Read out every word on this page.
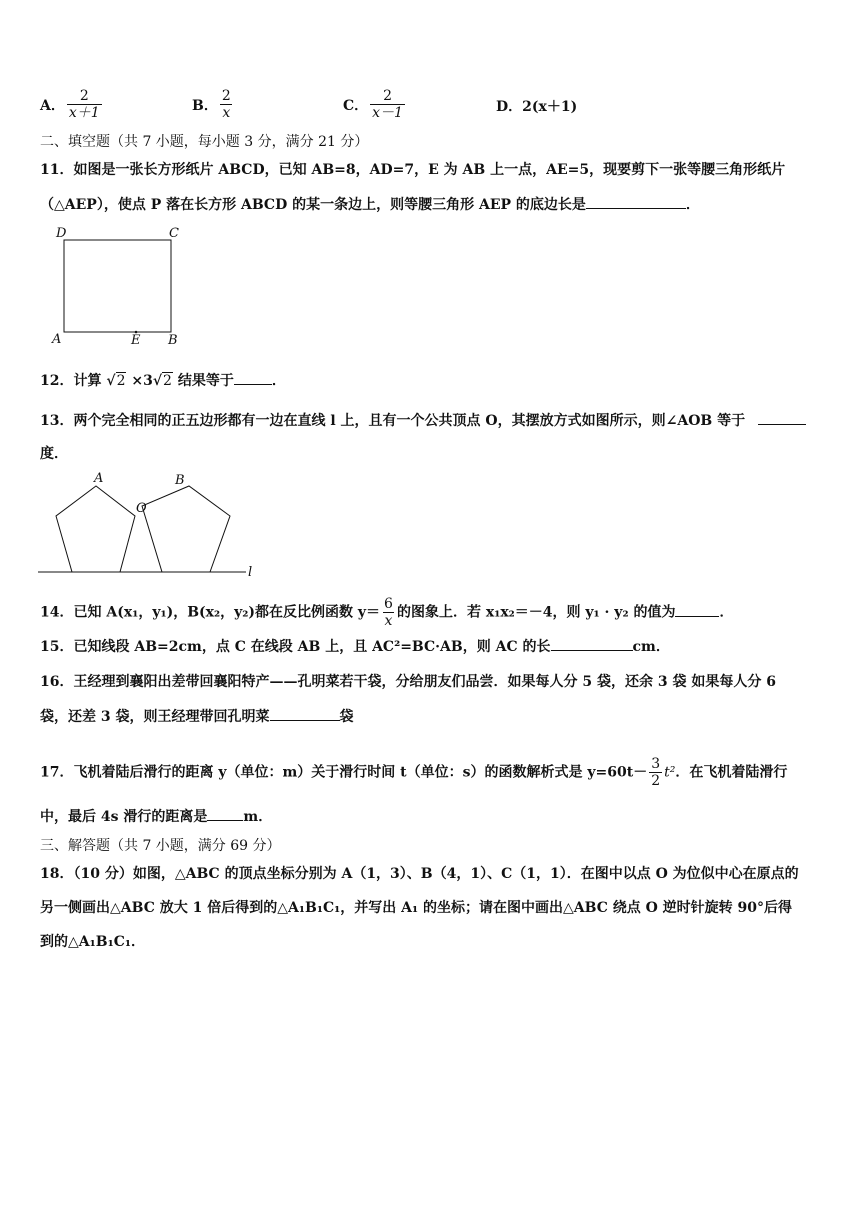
A． $\frac{2}{x+1}$	B． $\frac{2}{x}$	C． $\frac{2}{x-1}$	D． 2(x＋1)
二、填空题（共 7 小题，每小题 3 分，满分 21 分）
11．如图是一张长方形纸片 ABCD，已知 AB=8，AD=7，E 为 AB 上一点，AE=5，现要剪下一张等腰三角形纸片
（△AEP），使点 P 落在长方形 ABCD 的某一条边上，则等腰三角形 AEP 的底边长是	．
D	C
A	E B
12．计算 √2 ×3√2 结果等于	．
13．两个完全相同的正五边形都有一边在直线 l 上，且有一个公共顶点 O，其摆放方式如图所示，则∠AOB 等于
度．
A	B
O
l
14．已知 A(x₁，y₁)，B(x₂，y₂)都在反比例函数 $y= \frac{6}{x}$ 的图象上．若 x₁x₂＝－4，则 y₁ · y₂ 的值为	．
15．已知线段 AB=2cm，点 C 在线段 AB 上，且 AC²=BC·AB，则 AC 的长	cm．
16．王经理到襄阳出差带回襄阳特产——孔明菜若干袋，分给朋友们品尝．如果每人分 5 袋，还余 3 袋 如果每人分 6
袋，还差 3 袋，则王经理带回孔明菜	袋
17．飞机着陆后滑行的距离 y（单位：m）关于滑行时间 t（单位：s）的函数解析式是 $y=60t- \frac{3}{2} t^2$．在飞机着陆滑行
中，最后 4s 滑行的距离是	m．
三、解答题（共 7 小题，满分 69 分）
18．（10 分）如图，△ABC 的顶点坐标分别为 A（1，3）、B（4，1）、C（1，1）．在图中以点 O 为位似中心在原点的
另一侧画出△ABC 放大 1 倍后得到的△A₁B₁C₁，并写出 A₁ 的坐标；请在图中画出△ABC 绕点 O 逆时针旋转 90°后得
到的△A₁B₁C₁．
